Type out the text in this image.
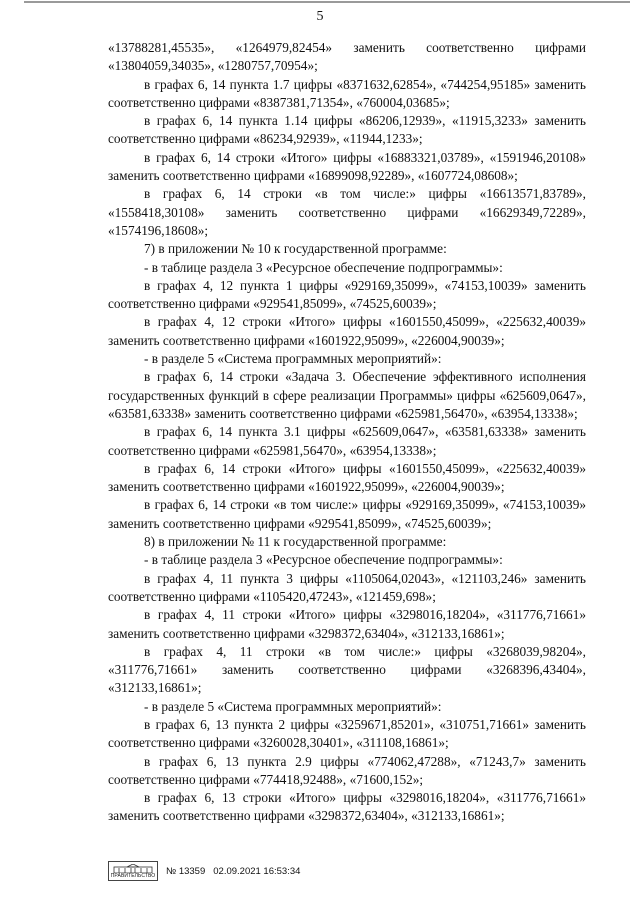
5

«13788281,45535», «1264979,82454» заменить соответственно цифрами «13804059,34035», «1280757,70954»;

в графах 6, 14 пункта 1.7 цифры «8371632,62854», «744254,95185» заменить соответственно цифрами «8387381,71354», «760004,03685»;

в графах 6, 14 пункта 1.14 цифры «86206,12939», «11915,3233» заменить соответственно цифрами «86234,92939», «11944,1233»;

в графах 6, 14 строки «Итого» цифры «16883321,03789», «1591946,20108» заменить соответственно цифрами «16899098,92289», «1607724,08608»;

в графах 6, 14 строки «в том числе:» цифры «16613571,83789», «1558418,30108» заменить соответственно цифрами «16629349,72289», «1574196,18608»;

7) в приложении № 10 к государственной программе:

- в таблице раздела 3 «Ресурсное обеспечение подпрограммы»:

в графах 4, 12 пункта 1 цифры «929169,35099», «74153,10039» заменить соответственно цифрами «929541,85099», «74525,60039»;

в графах 4, 12 строки «Итого» цифры «1601550,45099», «225632,40039» заменить соответственно цифрами «1601922,95099», «226004,90039»;

- в разделе 5 «Система программных мероприятий»:

в графах 6, 14 строки «Задача 3. Обеспечение эффективного исполнения государственных функций в сфере реализации Программы» цифры «625609,0647», «63581,63338» заменить соответственно цифрами «625981,56470», «63954,13338»;

в графах 6, 14 пункта 3.1 цифры «625609,0647», «63581,63338» заменить соответственно цифрами «625981,56470», «63954,13338»;

в графах 6, 14 строки «Итого» цифры «1601550,45099», «225632,40039» заменить соответственно цифрами «1601922,95099», «226004,90039»;

в графах 6, 14 строки «в том числе:» цифры «929169,35099», «74153,10039» заменить соответственно цифрами «929541,85099», «74525,60039»;

8) в приложении № 11 к государственной программе:

- в таблице раздела 3 «Ресурсное обеспечение подпрограммы»:

в графах 4, 11 пункта 3 цифры «1105064,02043», «121103,246» заменить соответственно цифрами «1105420,47243», «121459,698»;

в графах 4, 11 строки «Итого» цифры «3298016,18204», «311776,71661» заменить соответственно цифрами «3298372,63404», «312133,16861»;

в графах 4, 11 строки «в том числе:» цифры «3268039,98204», «311776,71661» заменить соответственно цифрами «3268396,43404», «312133,16861»;

- в разделе 5 «Система программных мероприятий»:

в графах 6, 13 пункта 2 цифры «3259671,85201», «310751,71661» заменить соответственно цифрами «3260028,30401», «311108,16861»;

в графах 6, 13 пункта 2.9 цифры «774062,47288», «71243,7» заменить соответственно цифрами «774418,92488», «71600,152»;

в графах 6, 13 строки «Итого» цифры «3298016,18204», «311776,71661» заменить соответственно цифрами «3298372,63404», «312133,16861»;

ПРАВИТЕЛЬСТВО № 13359 02.09.2021 16:53:34
